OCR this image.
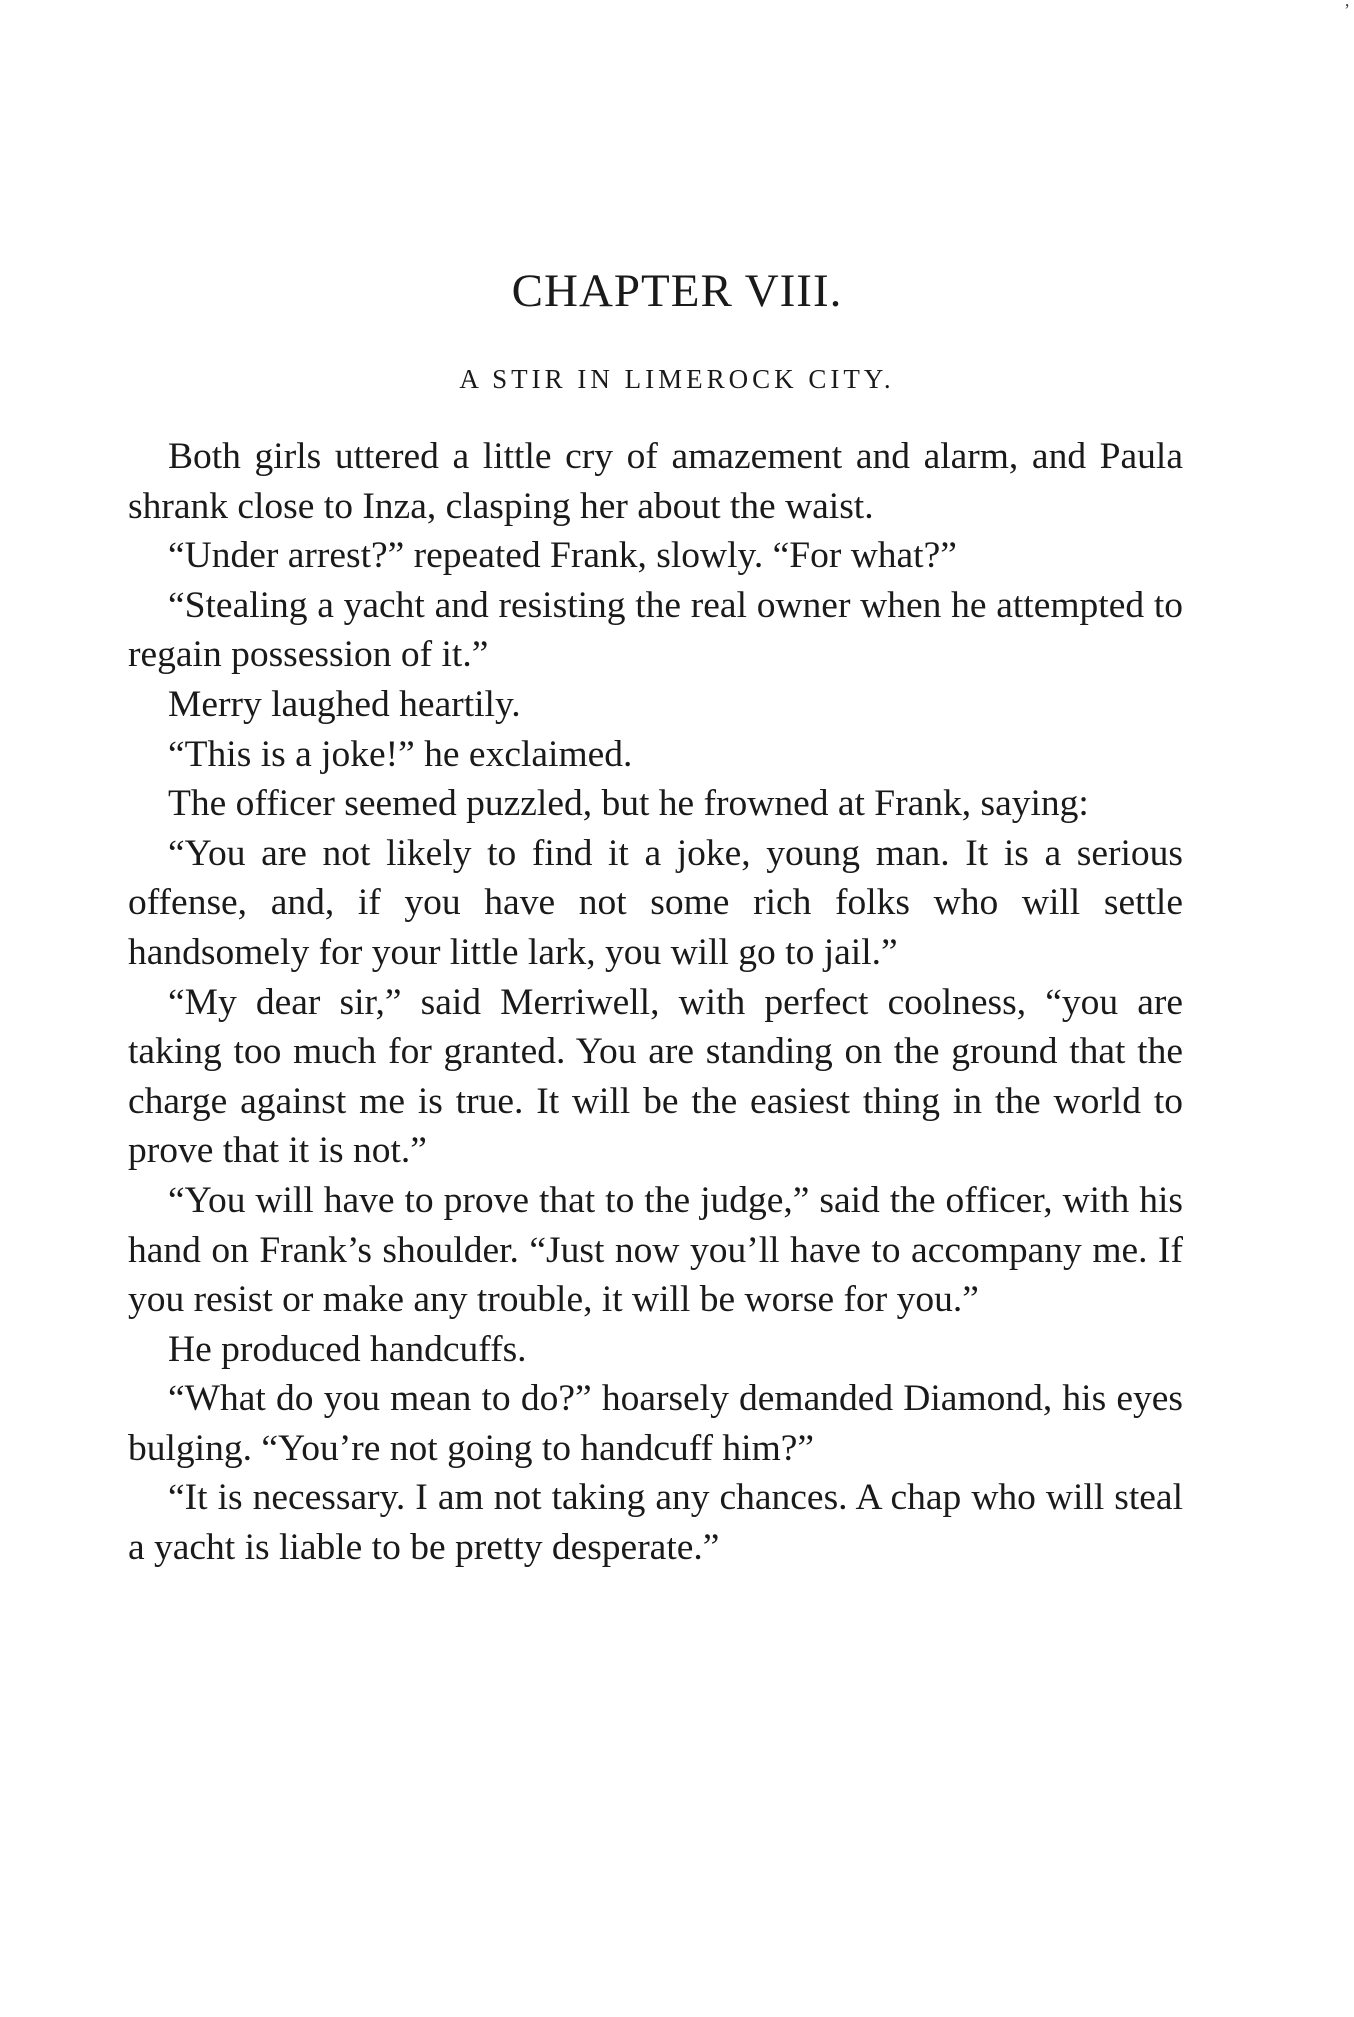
’
CHAPTER VIII.
A STIR IN LIMEROCK CITY.

Both girls uttered a little cry of amazement and alarm, and Paula shrank close to Inza, clasping her about the waist.

“Under arrest?” repeated Frank, slowly. “For what?”

“Stealing a yacht and resisting the real owner when he attempted to regain possession of it.”

Merry laughed heartily.

“This is a joke!” he exclaimed.

The officer seemed puzzled, but he frowned at Frank, saying:

“You are not likely to find it a joke, young man. It is a serious offense, and, if you have not some rich folks who will settle handsomely for your little lark, you will go to jail.”

“My dear sir,” said Merriwell, with perfect coolness, “you are taking too much for granted. You are standing on the ground that the charge against me is true. It will be the easiest thing in the world to prove that it is not.”

“You will have to prove that to the judge,” said the officer, with his hand on Frank’s shoulder. “Just now you’ll have to accompany me. If you resist or make any trouble, it will be worse for you.”

He produced handcuffs.

“What do you mean to do?” hoarsely demanded Diamond, his eyes bulging. “You’re not going to handcuff him?”

“It is necessary. I am not taking any chances. A chap who will steal a yacht is liable to be pretty desperate.”
